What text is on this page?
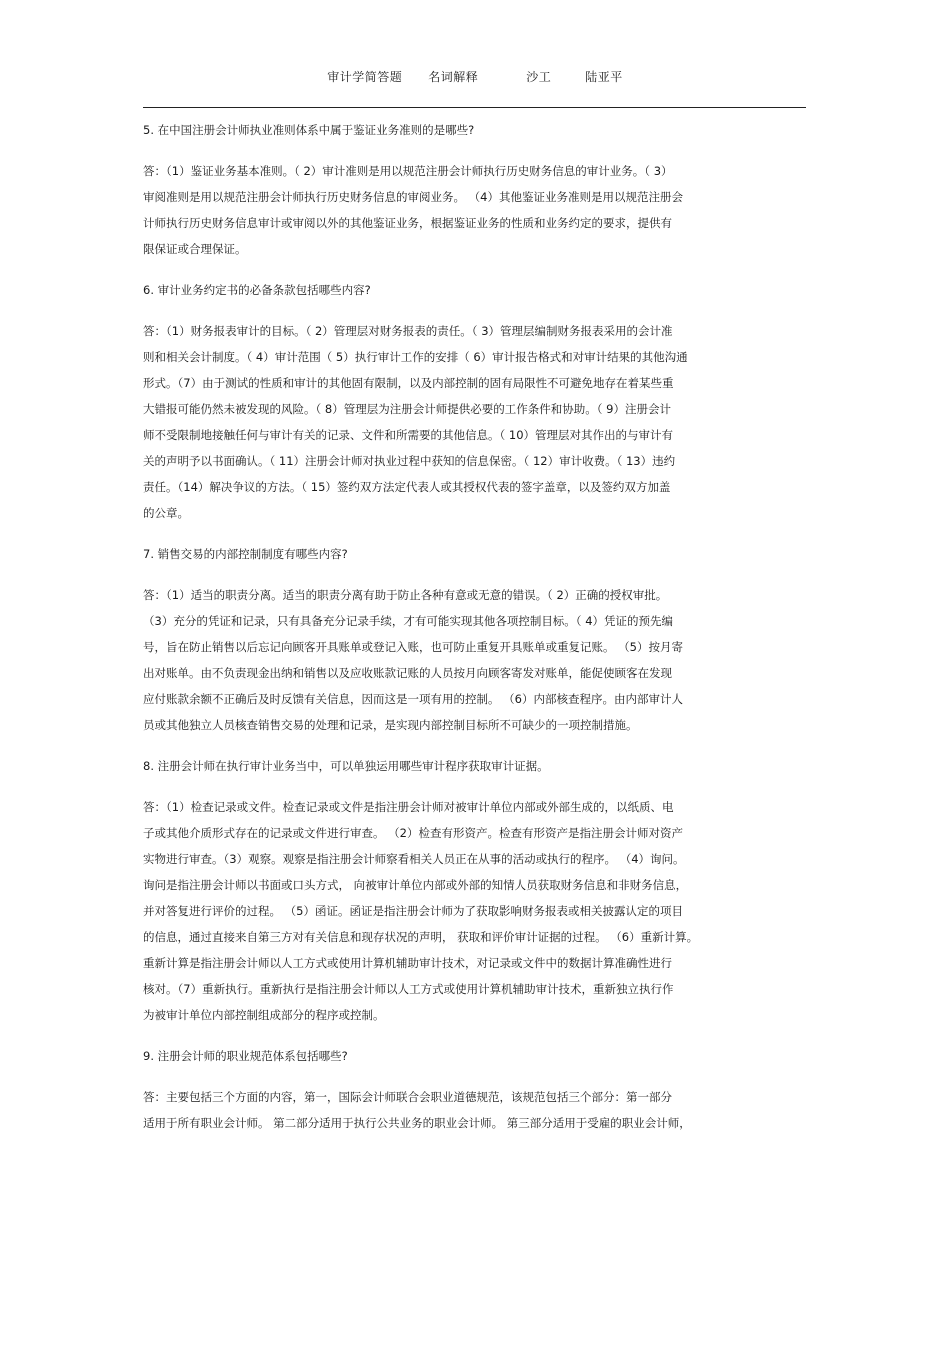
审计学简答题 名词解释	沙工	陆亚平

5. 在中国注册会计师执业准则体系中属于鉴证业务准则的是哪些?

答：（1）鉴证业务基本准则。（ 2）审计准则是用以规范注册会计师执行历史财务信息的审计业务。（ 3）
审阅准则是用以规范注册会计师执行历史财务信息的审阅业务。 （4）其他鉴证业务准则是用以规范注册会
计师执行历史财务信息审计或审阅以外的其他鉴证业务，根据鉴证业务的性质和业务约定的要求，提供有
限保证或合理保证。

6. 审计业务约定书的必备条款包括哪些内容?

答：（1）财务报表审计的目标。（ 2）管理层对财务报表的责任。（ 3）管理层编制财务报表采用的会计准
则和相关会计制度。（ 4）审计范围（ 5）执行审计工作的安排（ 6）审计报告格式和对审计结果的其他沟通
形式。（7）由于测试的性质和审计的其他固有限制，以及内部控制的固有局限性不可避免地存在着某些重
大错报可能仍然未被发现的风险。（ 8）管理层为注册会计师提供必要的工作条件和协助。（ 9）注册会计
师不受限制地接触任何与审计有关的记录、文件和所需要的其他信息。（ 10）管理层对其作出的与审计有
关的声明予以书面确认。（ 11）注册会计师对执业过程中获知的信息保密。（ 12）审计收费。（ 13）违约
责任。（14）解决争议的方法。（ 15）签约双方法定代表人或其授权代表的签字盖章，以及签约双方加盖
的公章。

7. 销售交易的内部控制制度有哪些内容?

答：（1）适当的职责分离。适当的职责分离有助于防止各种有意或无意的错误。（ 2）正确的授权审批。
（3）充分的凭证和记录，只有具备充分记录手续，才有可能实现其他各项控制目标。（ 4）凭证的预先编
号，旨在防止销售以后忘记向顾客开具账单或登记入账，也可防止重复开具账单或重复记账。 （5）按月寄
出对账单。由不负责现金出纳和销售以及应收账款记账的人员按月向顾客寄发对账单，能促使顾客在发现
应付账款余额不正确后及时反馈有关信息，因而这是一项有用的控制。 （6）内部核查程序。由内部审计人
员或其他独立人员核查销售交易的处理和记录，是实现内部控制目标所不可缺少的一项控制措施。

8. 注册会计师在执行审计业务当中，可以单独运用哪些审计程序获取审计证据。

答：（1）检查记录或文件。检查记录或文件是指注册会计师对被审计单位内部或外部生成的，以纸质、电
子或其他介质形式存在的记录或文件进行审查。 （2）检查有形资产。检查有形资产是指注册会计师对资产
实物进行审查。（3）观察。观察是指注册会计师察看相关人员正在从事的活动或执行的程序。 （4）询问。
询问是指注册会计师以书面或口头方式， 向被审计单位内部或外部的知情人员获取财务信息和非财务信息，
并对答复进行评价的过程。 （5）函证。函证是指注册会计师为了获取影响财务报表或相关披露认定的项目
的信息，通过直接来自第三方对有关信息和现存状况的声明， 获取和评价审计证据的过程。 （6）重新计算。
重新计算是指注册会计师以人工方式或使用计算机辅助审计技术，对记录或文件中的数据计算准确性进行
核对。（7）重新执行。重新执行是指注册会计师以人工方式或使用计算机辅助审计技术，重新独立执行作
为被审计单位内部控制组成部分的程序或控制。

9. 注册会计师的职业规范体系包括哪些?

答：主要包括三个方面的内容，第一，国际会计师联合会职业道德规范，该规范包括三个部分：第一部分
适用于所有职业会计师。 第二部分适用于执行公共业务的职业会计师。 第三部分适用于受雇的职业会计师，
